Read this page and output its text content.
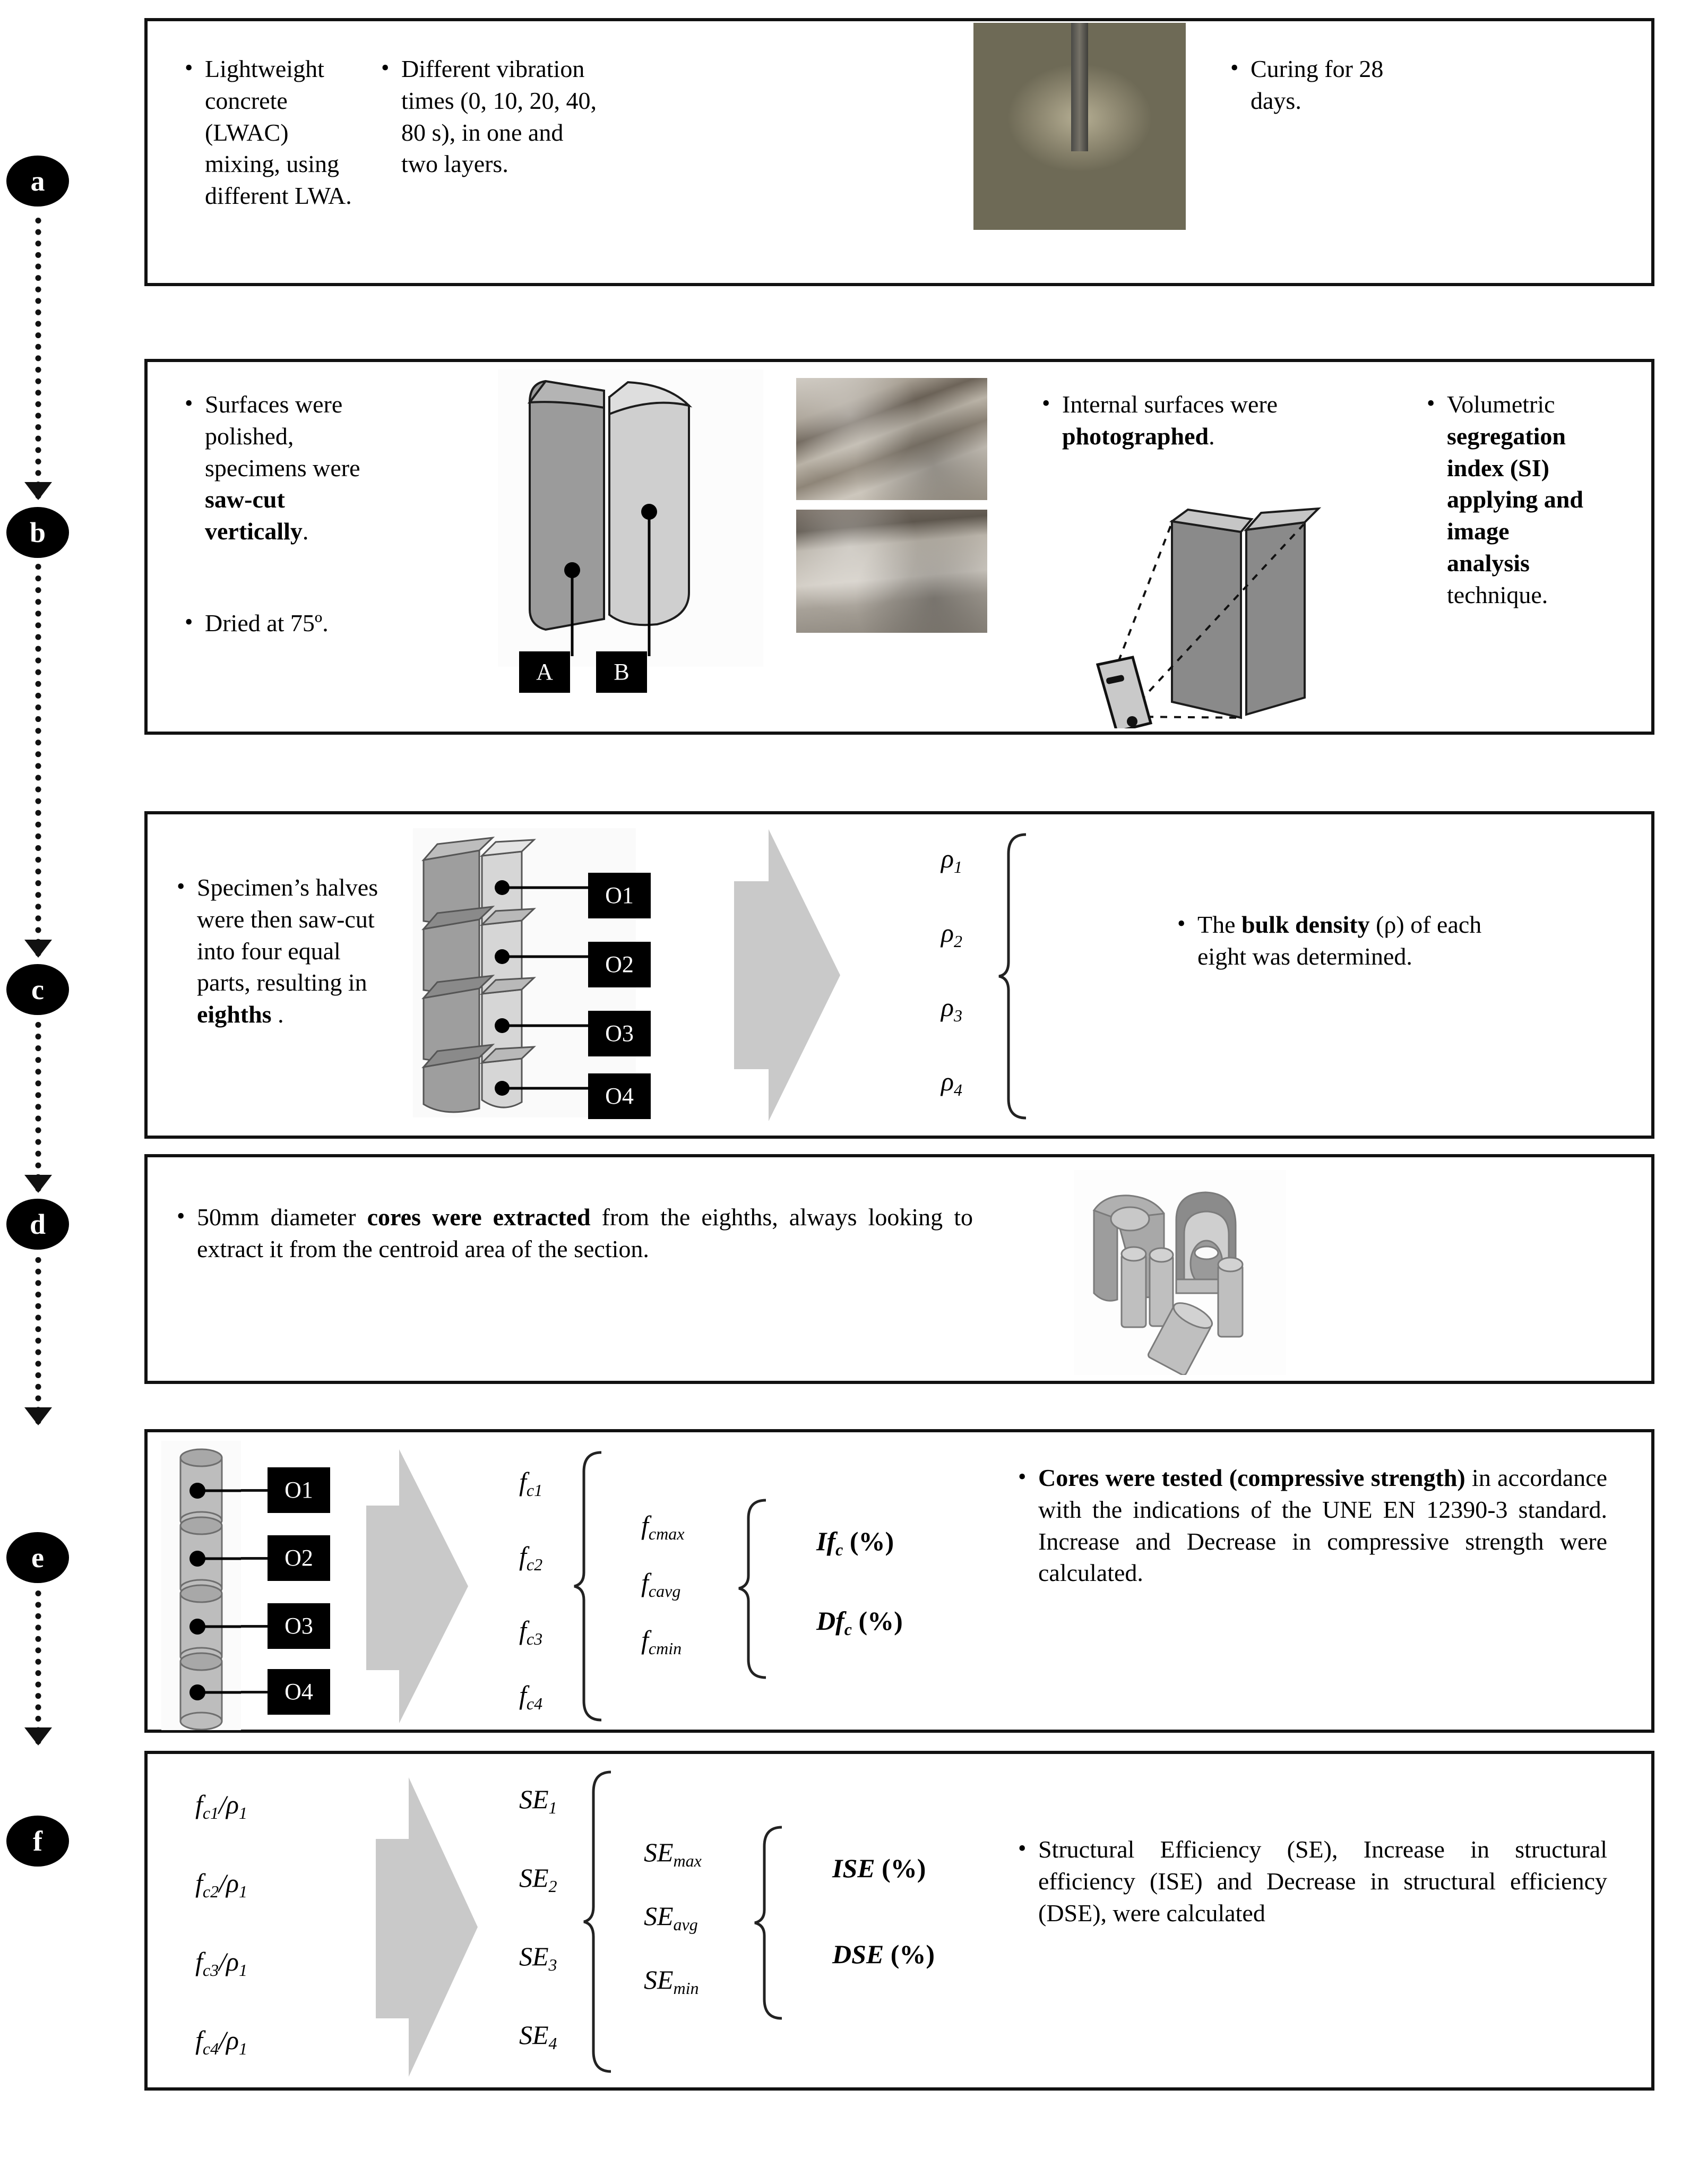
a
b
c
d
e
f
• Lightweight
concrete
(LWAC)
mixing, using
different LWA.
• Different vibration
times (0, 10, 20, 40,
80 s), in one and
two layers.
• Curing for 28
days.
• Surfaces were polished, specimens were saw-cut vertically.
• Dried at 75º.
A	B
• Internal surfaces were photographed.
• Volumetric segregation index (SI) applying and image analysis technique.
• Specimen’s halves were then saw-cut into four equal parts, resulting in eighths .
O1
O2
O3
O4
ρ1
ρ2
ρ3
ρ4
• The bulk density (ρ) of each eight was determined.
• 50mm diameter cores were extracted from the eighths, always looking to extract it from the centroid area of the section.
O1
O2
O3
O4
fc1
fc2
fc3
fc4
fcmax
fcavg
fcmin
Ifc (%)
Dfc (%)
• Cores were tested (compressive strength) in accordance with the indications of the UNE EN 12390-3 standard. Increase and Decrease in compressive strength were calculated.
fc1/ρ1
fc2/ρ1
fc3/ρ1
fc4/ρ1
SE1
SE2
SE3
SE4
SEmax
SEavg
SEmin
ISE (%)
DSE (%)
• Structural Efficiency (SE), Increase in structural efficiency (ISE) and Decrease in structural efficiency (DSE), were calculated
